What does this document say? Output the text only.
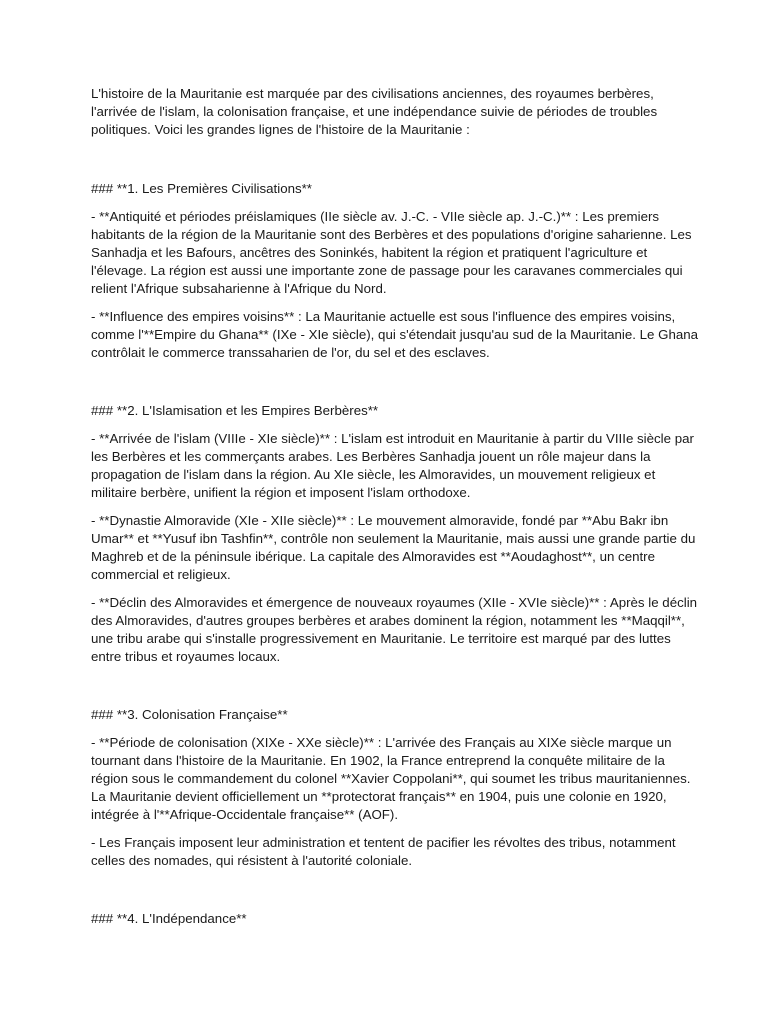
L'histoire de la Mauritanie est marquée par des civilisations anciennes, des royaumes berbères, l'arrivée de l'islam, la colonisation française, et une indépendance suivie de périodes de troubles politiques. Voici les grandes lignes de l'histoire de la Mauritanie :

### **1. Les Premières Civilisations**

- **Antiquité et périodes préislamiques (IIe siècle av. J.-C. - VIIe siècle ap. J.-C.)** : Les premiers habitants de la région de la Mauritanie sont des Berbères et des populations d'origine saharienne. Les Sanhadja et les Bafours, ancêtres des Soninkés, habitent la région et pratiquent l'agriculture et l'élevage. La région est aussi une importante zone de passage pour les caravanes commerciales qui relient l'Afrique subsaharienne à l'Afrique du Nord.

- **Influence des empires voisins** : La Mauritanie actuelle est sous l'influence des empires voisins, comme l'**Empire du Ghana** (IXe - XIe siècle), qui s'étendait jusqu'au sud de la Mauritanie. Le Ghana contrôlait le commerce transsaharien de l'or, du sel et des esclaves.

### **2. L'Islamisation et les Empires Berbères**

- **Arrivée de l'islam (VIIIe - XIe siècle)** : L'islam est introduit en Mauritanie à partir du VIIIe siècle par les Berbères et les commerçants arabes. Les Berbères Sanhadja jouent un rôle majeur dans la propagation de l'islam dans la région. Au XIe siècle, les Almoravides, un mouvement religieux et militaire berbère, unifient la région et imposent l'islam orthodoxe.

- **Dynastie Almoravide (XIe - XIIe siècle)** : Le mouvement almoravide, fondé par **Abu Bakr ibn Umar** et **Yusuf ibn Tashfin**, contrôle non seulement la Mauritanie, mais aussi une grande partie du Maghreb et de la péninsule ibérique. La capitale des Almoravides est **Aoudaghost**, un centre commercial et religieux.

- **Déclin des Almoravides et émergence de nouveaux royaumes (XIIe - XVIe siècle)** : Après le déclin des Almoravides, d'autres groupes berbères et arabes dominent la région, notamment les **Maqqil**, une tribu arabe qui s'installe progressivement en Mauritanie. Le territoire est marqué par des luttes entre tribus et royaumes locaux.

### **3. Colonisation Française**

- **Période de colonisation (XIXe - XXe siècle)** : L'arrivée des Français au XIXe siècle marque un tournant dans l'histoire de la Mauritanie. En 1902, la France entreprend la conquête militaire de la région sous le commandement du colonel **Xavier Coppolani**, qui soumet les tribus mauritaniennes. La Mauritanie devient officiellement un **protectorat français** en 1904, puis une colonie en 1920, intégrée à l'**Afrique-Occidentale française** (AOF).

- Les Français imposent leur administration et tentent de pacifier les révoltes des tribus, notamment celles des nomades, qui résistent à l'autorité coloniale.

### **4. L'Indépendance**
